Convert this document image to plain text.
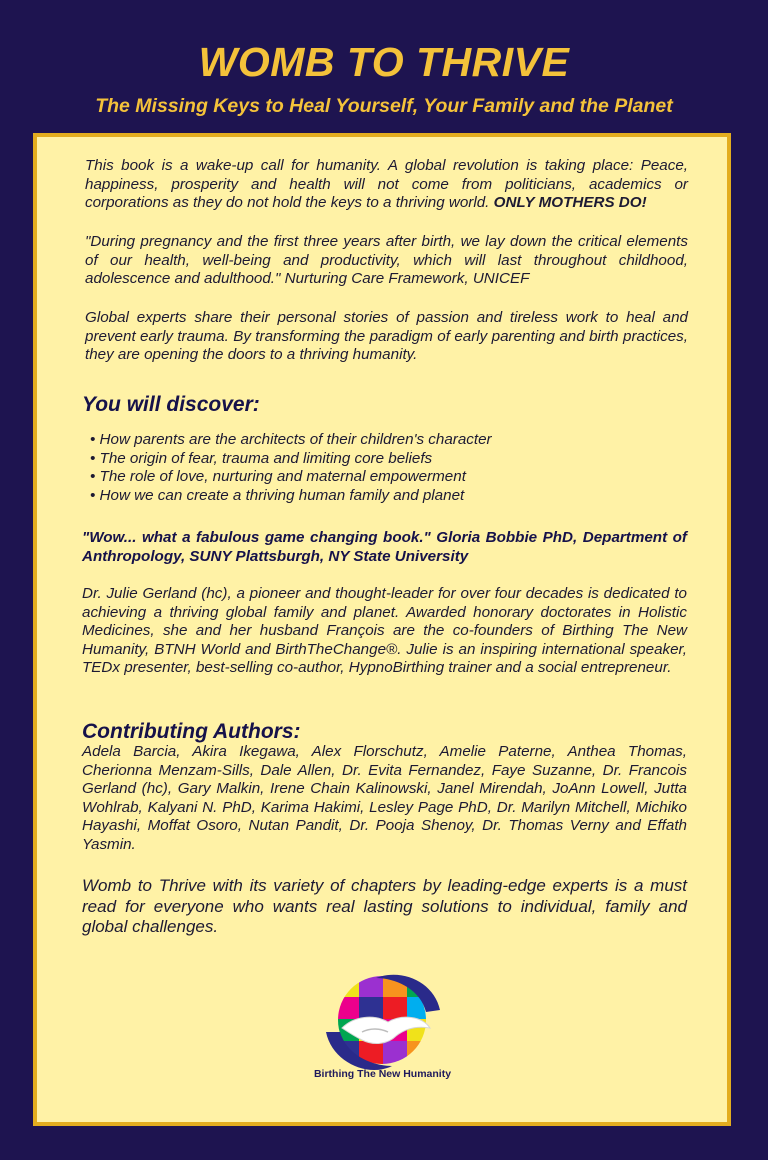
WOMB TO THRIVE
The Missing Keys to Heal Yourself, Your Family and the Planet

This book is a wake-up call for humanity. A global revolution is taking place: Peace, happiness, prosperity and health will not come from politicians, academics or corporations as they do not hold the keys to a thriving world. ONLY MOTHERS DO!

"During pregnancy and the first three years after birth, we lay down the critical elements of our health, well-being and productivity, which will last throughout childhood, adolescence and adulthood." Nurturing Care Framework, UNICEF

Global experts share their personal stories of passion and tireless work to heal and prevent early trauma. By transforming the paradigm of early parenting and birth practices, they are opening the doors to a thriving humanity.

You will discover:
• How parents are the architects of their children's character
• The origin of fear, trauma and limiting core beliefs
• The role of love, nurturing and maternal empowerment
• How we can create a thriving human family and planet

"Wow... what a fabulous game changing book." Gloria Bobbie PhD, Department of Anthropology, SUNY Plattsburgh, NY State University

Dr. Julie Gerland (hc), a pioneer and thought-leader for over four decades is dedicated to achieving a thriving global family and planet. Awarded honorary doctorates in Holistic Medicines, she and her husband François are the co-founders of Birthing The New Humanity, BTNH World and BirthTheChange®. Julie is an inspiring international speaker, TEDx presenter, best-selling co-author, HypnoBirthing trainer and a social entrepreneur.

Contributing Authors:

Adela Barcia, Akira Ikegawa, Alex Florschutz, Amelie Paterne, Anthea Thomas, Cherionna Menzam-Sills, Dale Allen, Dr. Evita Fernandez, Faye Suzanne, Dr. Francois Gerland (hc), Gary Malkin, Irene Chain Kalinowski, Janel Mirendah, JoAnn Lowell, Jutta Wohlrab, Kalyani N. PhD, Karima Hakimi, Lesley Page PhD, Dr. Marilyn Mitchell, Michiko Hayashi, Moffat Osoro, Nutan Pandit, Dr. Pooja Shenoy, Dr. Thomas Verny and Effath Yasmin.

Womb to Thrive with its variety of chapters by leading-edge experts is a must read for everyone who wants real lasting solutions to individual, family and global challenges.

Birthing The New Humanity
